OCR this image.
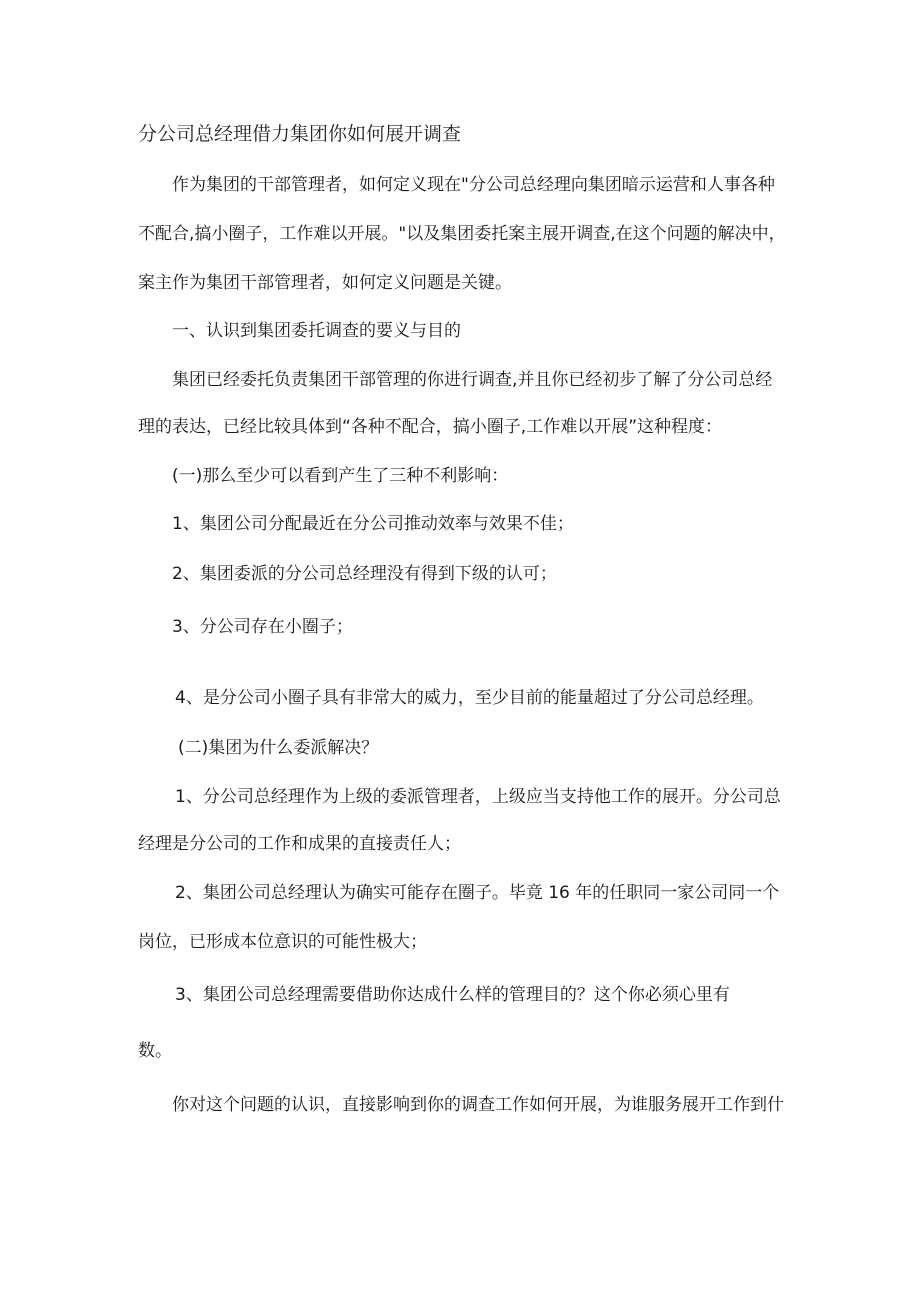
分公司总经理借力集团你如何展开调查

作为集团的干部管理者，如何定义现在"分公司总经理向集团暗示运营和人事各种

不配合,搞小圈子，工作难以开展。"以及集团委托案主展开调查,在这个问题的解决中，

案主作为集团干部管理者，如何定义问题是关键。

一、认识到集团委托调查的要义与目的

集团已经委托负责集团干部管理的你进行调查,并且你已经初步了解了分公司总经

理的表达，已经比较具体到“各种不配合，搞小圈子,工作难以开展”这种程度：

(一)那么至少可以看到产生了三种不利影响：

1、集团公司分配最近在分公司推动效率与效果不佳；

2、集团委派的分公司总经理没有得到下级的认可；

3、分公司存在小圈子；

4、是分公司小圈子具有非常大的威力，至少目前的能量超过了分公司总经理。

(二)集团为什么委派解决？

1、分公司总经理作为上级的委派管理者，上级应当支持他工作的展开。分公司总

经理是分公司的工作和成果的直接责任人；

2、集团公司总经理认为确实可能存在圈子。毕竟 16 年的任职同一家公司同一个

岗位，已形成本位意识的可能性极大；

3、集团公司总经理需要借助你达成什么样的管理目的？这个你必须心里有

数。

你对这个问题的认识，直接影响到你的调查工作如何开展，为谁服务展开工作到什
